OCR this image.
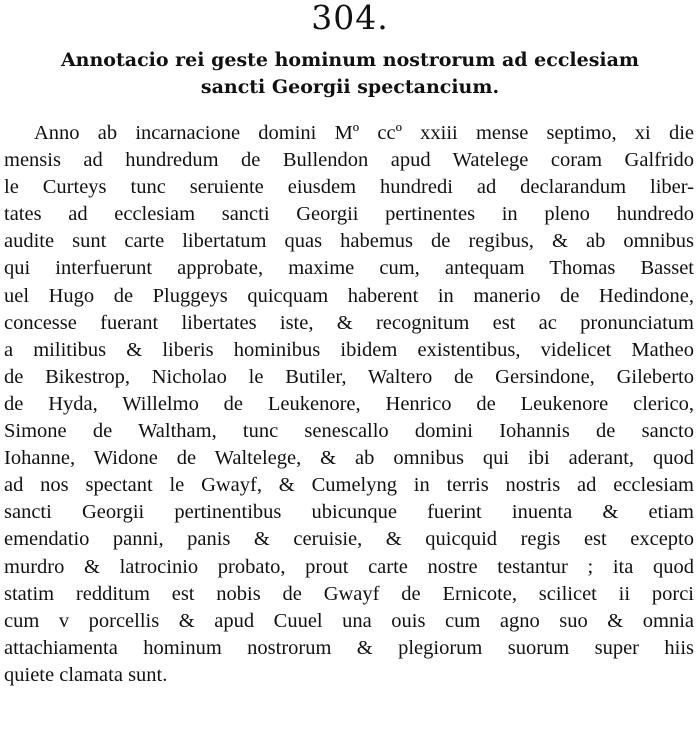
304.
Annotacio rei geste hominum nostrorum ad ecclesiam
sancti Georgii spectancium.
Anno ab incarnacione domini Mº ccº xxiii mense septimo, xi die
mensis ad hundredum de Bullendon apud Watelege coram Galfrido
le Curteys tunc seruiente eiusdem hundredi ad declarandum liber-
tates ad ecclesiam sancti Georgii pertinentes in pleno hundredo
audite sunt carte libertatum quas habemus de regibus, & ab omnibus
qui interfuerunt approbate, maxime cum, antequam Thomas Basset
uel Hugo de Pluggeys quicquam haberent in manerio de Hedindone,
concesse fuerant libertates iste, & recognitum est ac pronunciatum
a militibus & liberis hominibus ibidem existentibus, videlicet Matheo
de Bikestrop, Nicholao le Butiler, Waltero de Gersindone, Gileberto
de Hyda, Willelmo de Leukenore, Henrico de Leukenore clerico,
Simone de Waltham, tunc senescallo domini Iohannis de sancto
Iohanne, Widone de Waltelege, & ab omnibus qui ibi aderant, quod
ad nos spectant le Gwayf, & Cumelyng in terris nostris ad ecclesiam
sancti Georgii pertinentibus ubicunque fuerint inuenta & etiam
emendatio panni, panis & ceruisie, & quicquid regis est excepto
murdro & latrocinio probato, prout carte nostre testantur ; ita quod
statim redditum est nobis de Gwayf de Ernicote, scilicet ii porci
cum v porcellis & apud Cuuel una ouis cum agno suo & omnia
attachiamenta hominum nostrorum & plegiorum suorum super hiis
quiete clamata sunt.
